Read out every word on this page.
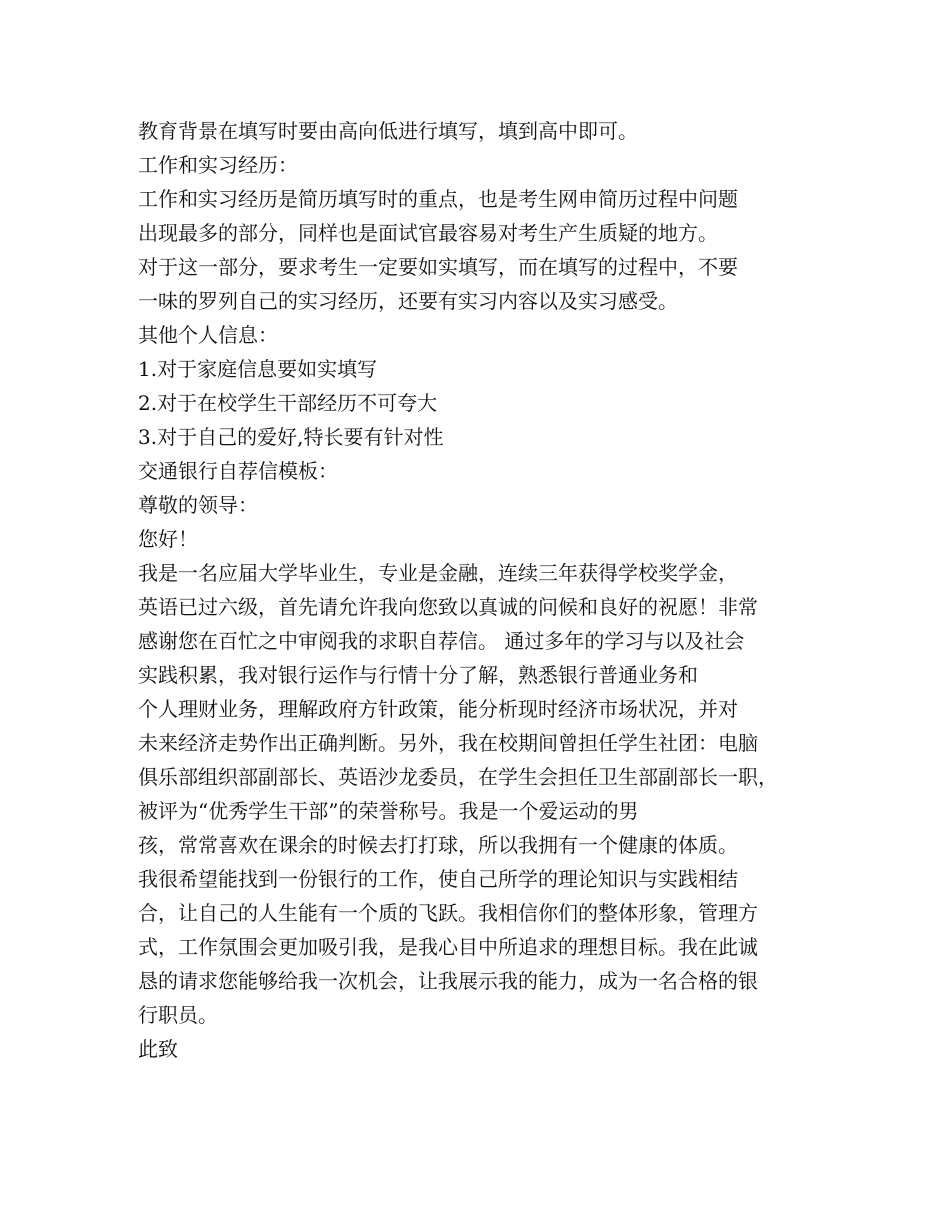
教育背景在填写时要由高向低进行填写，填到高中即可。
工作和实习经历：
工作和实习经历是简历填写时的重点，也是考生网申简历过程中问题
出现最多的部分，同样也是面试官最容易对考生产生质疑的地方。
对于这一部分，要求考生一定要如实填写，而在填写的过程中，不要
一味的罗列自己的实习经历，还要有实习内容以及实习感受。
其他个人信息：
1.对于家庭信息要如实填写
2.对于在校学生干部经历不可夸大
3.对于自己的爱好,特长要有针对性
交通银行自荐信模板：
尊敬的领导：
您好！
我是一名应届大学毕业生，专业是金融，连续三年获得学校奖学金，
英语已过六级，首先请允许我向您致以真诚的问候和良好的祝愿！非常
感谢您在百忙之中审阅我的求职自荐信。 通过多年的学习与以及社会
实践积累，我对银行运作与行情十分了解，熟悉银行普通业务和
个人理财业务，理解政府方针政策，能分析现时经济市场状况，并对
未来经济走势作出正确判断。另外，我在校期间曾担任学生社团：电脑
俱乐部组织部副部长、英语沙龙委员，在学生会担任卫生部副部长一职，
被评为“优秀学生干部”的荣誉称号。我是一个爱运动的男
孩，常常喜欢在课余的时候去打打球，所以我拥有一个健康的体质。
我很希望能找到一份银行的工作，使自己所学的理论知识与实践相结
合，让自己的人生能有一个质的飞跃。我相信你们的整体形象，管理方
式，工作氛围会更加吸引我，是我心目中所追求的理想目标。我在此诚
恳的请求您能够给我一次机会，让我展示我的能力，成为一名合格的银
行职员。
此致
